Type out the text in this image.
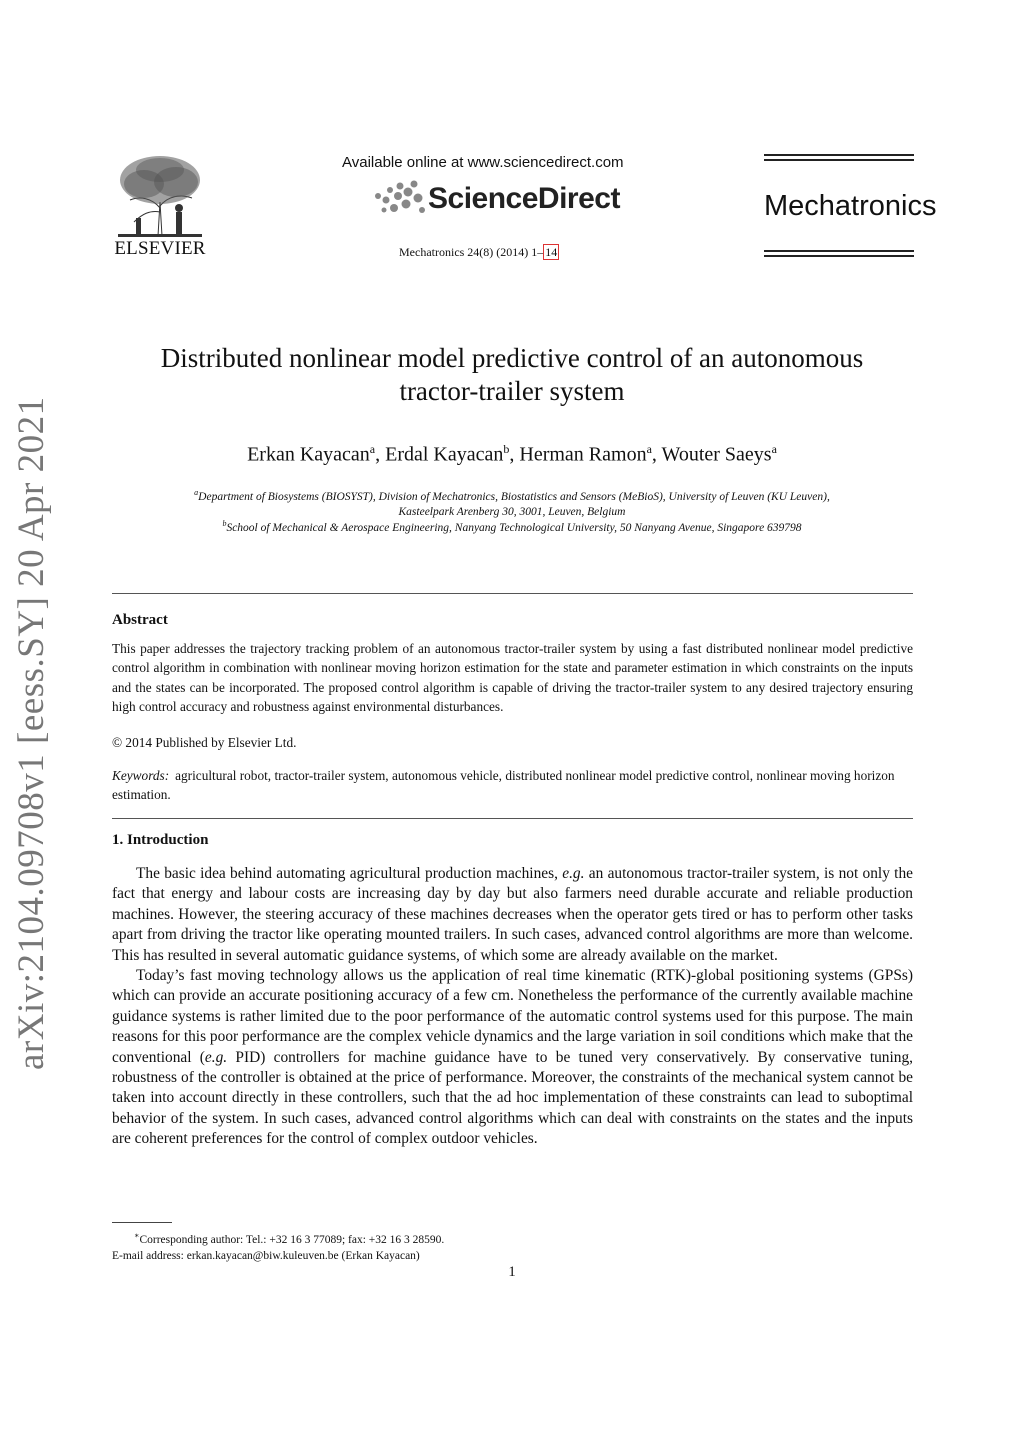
arXiv:2104.09708v1 [eess.SY] 20 Apr 2021
ELSEVIER
Available online at www.sciencedirect.com
ScienceDirect
Mechatronics 24(8) (2014) 1– 14
Mechatronics
Distributed nonlinear model predictive control of an autonomous
tractor-trailer system
Erkan Kayacan$^a$, Erdal Kayacan$^b$, Herman Ramon$^a$, Wouter Saeys$^a$
$^a$Department of Biosystems (BIOSYST), Division of Mechatronics, Biostatistics and Sensors (MeBioS), University of Leuven (KU Leuven),
Kasteelpark Arenberg 30, 3001, Leuven, Belgium
$^b$School of Mechanical & Aerospace Engineering, Nanyang Technological University, 50 Nanyang Avenue, Singapore 639798
Abstract
This paper addresses the trajectory tracking problem of an autonomous tractor-trailer system by using a fast distributed nonlinear model predictive control algorithm in combination with nonlinear moving horizon estimation for the state and parameter estimation in which constraints on the inputs and the states can be incorporated. The proposed control algorithm is capable of driving the tractor-trailer system to any desired trajectory ensuring high control accuracy and robustness against environmental disturbances.
© 2014 Published by Elsevier Ltd.
Keywords: agricultural robot, tractor-trailer system, autonomous vehicle, distributed nonlinear model predictive control, nonlinear moving horizon estimation.
1. Introduction

The basic idea behind automating agricultural production machines, e.g. an autonomous tractor-trailer system, is not only the fact that energy and labour costs are increasing day by day but also farmers need durable accurate and reliable production machines. However, the steering accuracy of these machines decreases when the operator gets tired or has to perform other tasks apart from driving the tractor like operating mounted trailers. In such cases, advanced control algorithms are more than welcome. This has resulted in several automatic guidance systems, of which some are already available on the market.

Today’s fast moving technology allows us the application of real time kinematic (RTK)-global positioning systems (GPSs) which can provide an accurate positioning accuracy of a few cm. Nonetheless the performance of the currently available machine guidance systems is rather limited due to the poor performance of the automatic control systems used for this purpose. The main reasons for this poor performance are the complex vehicle dynamics and the large variation in soil conditions which make that the conventional (e.g. PID) controllers for machine guidance have to be tuned very conservatively. By conservative tuning, robustness of the controller is obtained at the price of performance. Moreover, the constraints of the mechanical system cannot be taken into account directly in these controllers, such that the ad hoc implementation of these constraints can lead to suboptimal behavior of the system. In such cases, advanced control algorithms which can deal with constraints on the states and the inputs are coherent preferences for the control of complex outdoor vehicles.

∗Corresponding author: Tel.: +32 16 3 77089; fax: +32 16 3 28590.
E-mail address: erkan.kayacan@biw.kuleuven.be (Erkan Kayacan)
1
